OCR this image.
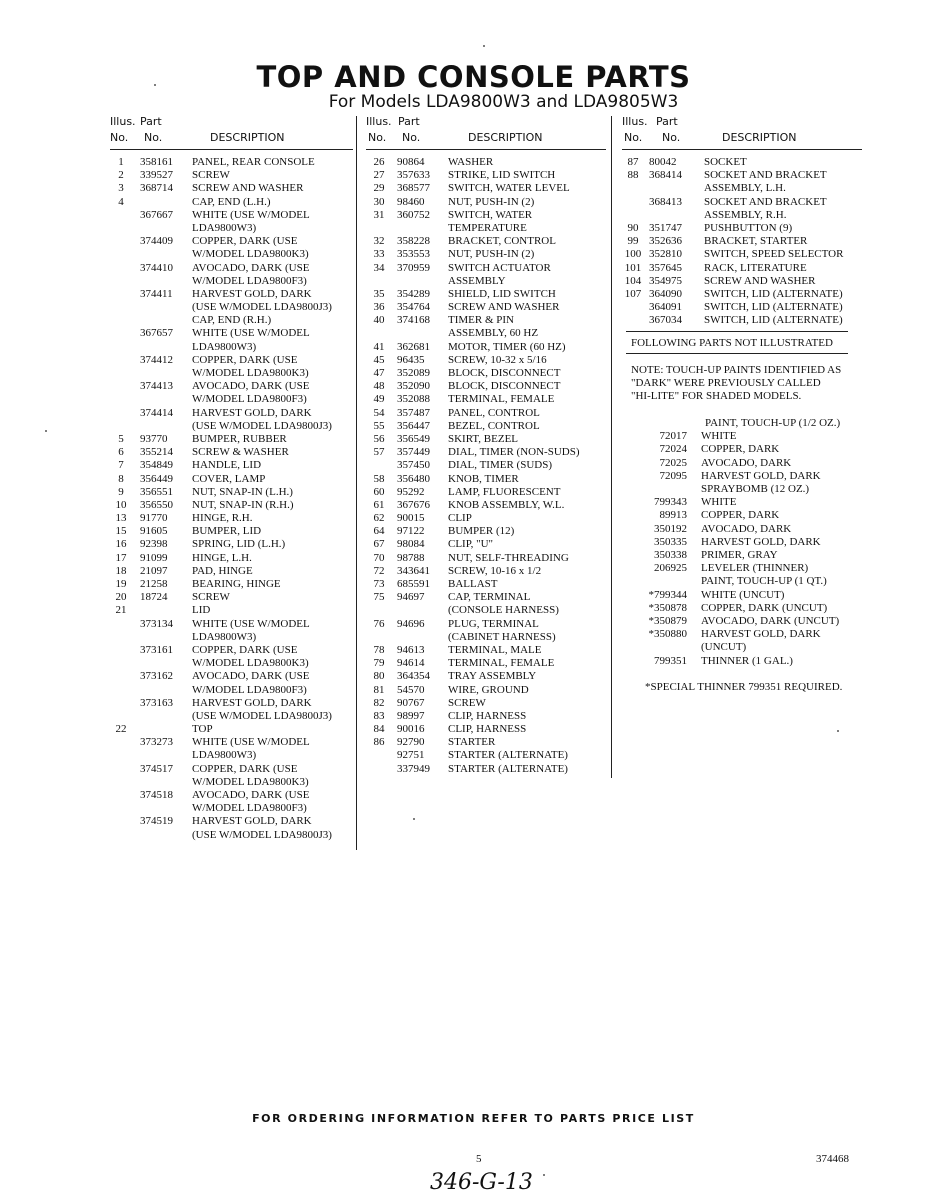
TOP AND CONSOLE PARTS
For Models LDA9800W3 and LDA9805W3
Illus. Part
No. No.	DESCRIPTION
1	358161 PANEL, REAR CONSOLE
2	339527 SCREW
3	368714 SCREW AND WASHER
4	CAP, END (L.H.)
367667 WHITE (USE W/MODEL
LDA9800W3)
374409 COPPER, DARK (USE
W/MODEL LDA9800K3)
374410 AVOCADO, DARK (USE
W/MODEL LDA9800F3)
374411 HARVEST GOLD, DARK
(USE W/MODEL LDA9800J3)
CAP, END (R.H.)
367657 WHITE (USE W/MODEL
LDA9800W3)
374412 COPPER, DARK (USE
W/MODEL LDA9800K3)
374413 AVOCADO, DARK (USE
W/MODEL LDA9800F3)
374414 HARVEST GOLD, DARK
(USE W/MODEL LDA9800J3)
5	93770 BUMPER, RUBBER
6	355214 SCREW & WASHER
7	354849 HANDLE, LID
8	356449 COVER, LAMP
9	356551 NUT, SNAP-IN (L.H.)
10	356550 NUT, SNAP-IN (R.H.)
13	91770 HINGE, R.H.
15	91605 BUMPER, LID
16	92398 SPRING, LID (L.H.)
17	91099 HINGE, L.H.
18	21097 PAD, HINGE
19	21258 BEARING, HINGE
20	18724 SCREW
21	LID
373134 WHITE (USE W/MODEL
LDA9800W3)
373161 COPPER, DARK (USE
W/MODEL LDA9800K3)
373162 AVOCADO, DARK (USE
W/MODEL LDA9800F3)
373163 HARVEST GOLD, DARK
(USE W/MODEL LDA9800J3)
22	TOP
373273 WHITE (USE W/MODEL
LDA9800W3)
374517 COPPER, DARK (USE
W/MODEL LDA9800K3)
374518 AVOCADO, DARK (USE
W/MODEL LDA9800F3)
374519 HARVEST GOLD, DARK
(USE W/MODEL LDA9800J3)
Illus. Part
No. No.	DESCRIPTION
26	90864 WASHER
27	357633 STRIKE, LID SWITCH
29	368577 SWITCH, WATER LEVEL
30	98460 NUT, PUSH-IN (2)
31	360752 SWITCH, WATER
TEMPERATURE
32	358228 BRACKET, CONTROL
33	353553 NUT, PUSH-IN (2)
34	370959 SWITCH ACTUATOR
ASSEMBLY
35	354289 SHIELD, LID SWITCH
36	354764 SCREW AND WASHER
40	374168 TIMER & PIN
ASSEMBLY, 60 HZ
41	362681 MOTOR, TIMER (60 HZ)
45	96435 SCREW, 10-32 x 5/16
47	352089 BLOCK, DISCONNECT
48	352090 BLOCK, DISCONNECT
49	352088 TERMINAL, FEMALE
54	357487 PANEL, CONTROL
55	356447 BEZEL, CONTROL
56	356549 SKIRT, BEZEL
57	357449 DIAL, TIMER (NON-SUDS)
357450 DIAL, TIMER (SUDS)
58	356480 KNOB, TIMER
60	95292 LAMP, FLUORESCENT
61	367676 KNOB ASSEMBLY, W.L.
62	90015 CLIP
64	97122 BUMPER (12)
67	98084 CLIP, "U"
70	98788 NUT, SELF-THREADING
72	343641 SCREW, 10-16 x 1/2
73	685591 BALLAST
75	94697 CAP, TERMINAL
(CONSOLE HARNESS)
76	94696 PLUG, TERMINAL
(CABINET HARNESS)
78	94613 TERMINAL, MALE
79	94614 TERMINAL, FEMALE
80	364354 TRAY ASSEMBLY
81	54570 WIRE, GROUND
82	90767 SCREW
83	98997 CLIP, HARNESS
84	90016 CLIP, HARNESS
86	92790 STARTER
92751 STARTER (ALTERNATE)
337949 STARTER (ALTERNATE)
Illus. Part
No. No.	DESCRIPTION
87 80042	SOCKET
88 368414 SOCKET AND BRACKET
ASSEMBLY, L.H.
368413 SOCKET AND BRACKET
ASSEMBLY, R.H.
90 351747 PUSHBUTTON (9)
99 352636 BRACKET, STARTER
100 352810 SWITCH, SPEED SELECTOR
101 357645 RACK, LITERATURE
104 354975 SCREW AND WASHER
107 364090 SWITCH, LID (ALTERNATE)
364091 SWITCH, LID (ALTERNATE)
367034 SWITCH, LID (ALTERNATE)
FOLLOWING PARTS NOT ILLUSTRATED
NOTE: TOUCH-UP PAINTS IDENTIFIED AS
"DARK" WERE PREVIOUSLY CALLED
"HI-LITE" FOR SHADED MODELS.
PAINT, TOUCH-UP (1/2 OZ.)
72017 WHITE
72024 COPPER, DARK
72025 AVOCADO, DARK
72095 HARVEST GOLD, DARK
SPRAYBOMB (12 OZ.)
799343 WHITE
89913 COPPER, DARK
350192 AVOCADO, DARK
350335 HARVEST GOLD, DARK
350338 PRIMER, GRAY
206925 LEVELER (THINNER)
PAINT, TOUCH-UP (1 QT.)
*799344 WHITE (UNCUT)
*350878 COPPER, DARK (UNCUT)
*350879 AVOCADO, DARK (UNCUT)
*350880 HARVEST GOLD, DARK
(UNCUT)
799351 THINNER (1 GAL.)
*SPECIAL THINNER 799351 REQUIRED.
FOR ORDERING INFORMATION REFER TO PARTS PRICE LIST
5	374468
346-G-13
